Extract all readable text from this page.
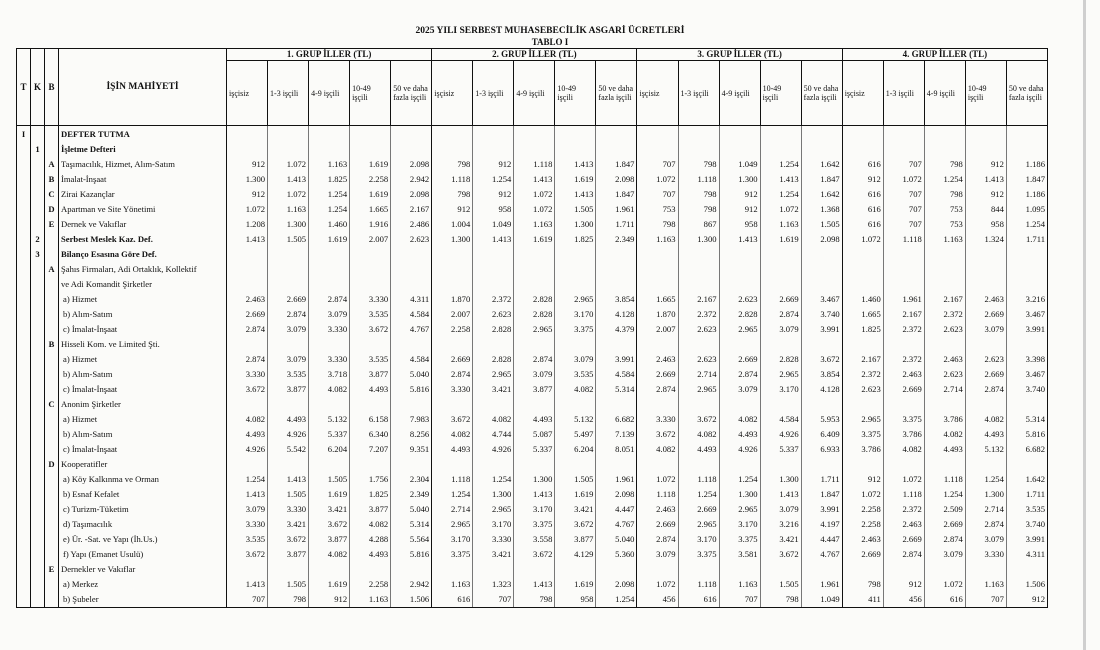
2025 YILI SERBEST MUHASEBECİLİK ASGARİ ÜCRETLERİ
TABLO I
T	K	B	İŞİN MAHİYETİ	1. GRUP İLLER (TL)					2. GRUP İLLER (TL)					3. GRUP İLLER (TL)					4. GRUP İLLER (TL)				
				işçisiz	1-3 işçili	4-9 işçili	10-49 işçili	50 ve daha fazla işçili	işçisiz	1-3 işçili	4-9 işçili	10-49 işçili	50 ve daha fazla işçili	işçisiz	1-3 işçili	4-9 işçili	10-49 işçili	50 ve daha fazla işçili	işçisiz	1-3 işçili	4-9 işçili	10-49 işçili	50 ve daha fazla işçili
I			DEFTER TUTMA																				
	1		İşletme Defteri																				
		A	Taşımacılık, Hizmet, Alım-Satım	912	1.072	1.163	1.619	2.098	798	912	1.118	1.413	1.847	707	798	1.049	1.254	1.642	616	707	798	912	1.186
		B	İmalat-İnşaat	1.300	1.413	1.825	2.258	2.942	1.118	1.254	1.413	1.619	2.098	1.072	1.118	1.300	1.413	1.847	912	1.072	1.254	1.413	1.847
		C	Zirai Kazançlar	912	1.072	1.254	1.619	2.098	798	912	1.072	1.413	1.847	707	798	912	1.254	1.642	616	707	798	912	1.186
		D	Apartman ve Site Yönetimi	1.072	1.163	1.254	1.665	2.167	912	958	1.072	1.505	1.961	753	798	912	1.072	1.368	616	707	753	844	1.095
		E	Dernek ve Vakıflar	1.208	1.300	1.460	1.916	2.486	1.004	1.049	1.163	1.300	1.711	798	867	958	1.163	1.505	616	707	753	958	1.254
	2		Serbest Meslek Kaz. Def.	1.413	1.505	1.619	2.007	2.623	1.300	1.413	1.619	1.825	2.349	1.163	1.300	1.413	1.619	2.098	1.072	1.118	1.163	1.324	1.711
	3		Bilanço Esasına Göre Def.																				
		A	Şahıs Firmaları, Adi Ortaklık, Kollektif																				
			ve Adi Komandit Şirketler																				
			a) Hizmet	2.463	2.669	2.874	3.330	4.311	1.870	2.372	2.828	2.965	3.854	1.665	2.167	2.623	2.669	3.467	1.460	1.961	2.167	2.463	3.216
			b) Alım-Satım	2.669	2.874	3.079	3.535	4.584	2.007	2.623	2.828	3.170	4.128	1.870	2.372	2.828	2.874	3.740	1.665	2.167	2.372	2.669	3.467
			c) İmalat-İnşaat	2.874	3.079	3.330	3.672	4.767	2.258	2.828	2.965	3.375	4.379	2.007	2.623	2.965	3.079	3.991	1.825	2.372	2.623	3.079	3.991
		B	Hisseli Kom. ve Limited Şti.																				
			a) Hizmet	2.874	3.079	3.330	3.535	4.584	2.669	2.828	2.874	3.079	3.991	2.463	2.623	2.669	2.828	3.672	2.167	2.372	2.463	2.623	3.398
			b) Alım-Satım	3.330	3.535	3.718	3.877	5.040	2.874	2.965	3.079	3.535	4.584	2.669	2.714	2.874	2.965	3.854	2.372	2.463	2.623	2.669	3.467
			c) İmalat-İnşaat	3.672	3.877	4.082	4.493	5.816	3.330	3.421	3.877	4.082	5.314	2.874	2.965	3.079	3.170	4.128	2.623	2.669	2.714	2.874	3.740
		C	Anonim Şirketler																				
			a) Hizmet	4.082	4.493	5.132	6.158	7.983	3.672	4.082	4.493	5.132	6.682	3.330	3.672	4.082	4.584	5.953	2.965	3.375	3.786	4.082	5.314
			b) Alım-Satım	4.493	4.926	5.337	6.340	8.256	4.082	4.744	5.087	5.497	7.139	3.672	4.082	4.493	4.926	6.409	3.375	3.786	4.082	4.493	5.816
			c) İmalat-İnşaat	4.926	5.542	6.204	7.207	9.351	4.493	4.926	5.337	6.204	8.051	4.082	4.493	4.926	5.337	6.933	3.786	4.082	4.493	5.132	6.682
		D	Kooperatifler																				
			a) Köy Kalkınma ve Orman	1.254	1.413	1.505	1.756	2.304	1.118	1.254	1.300	1.505	1.961	1.072	1.118	1.254	1.300	1.711	912	1.072	1.118	1.254	1.642
			b) Esnaf Kefalet	1.413	1.505	1.619	1.825	2.349	1.254	1.300	1.413	1.619	2.098	1.118	1.254	1.300	1.413	1.847	1.072	1.118	1.254	1.300	1.711
			c) Turizm-Tüketim	3.079	3.330	3.421	3.877	5.040	2.714	2.965	3.170	3.421	4.447	2.463	2.669	2.965	3.079	3.991	2.258	2.372	2.509	2.714	3.535
			d) Taşımacılık	3.330	3.421	3.672	4.082	5.314	2.965	3.170	3.375	3.672	4.767	2.669	2.965	3.170	3.216	4.197	2.258	2.463	2.669	2.874	3.740
			e) Ür. -Sat. ve Yapı (İh.Us.)	3.535	3.672	3.877	4.288	5.564	3.170	3.330	3.558	3.877	5.040	2.874	3.170	3.375	3.421	4.447	2.463	2.669	2.874	3.079	3.991
			f) Yapı (Emanet Usulü)	3.672	3.877	4.082	4.493	5.816	3.375	3.421	3.672	4.129	5.360	3.079	3.375	3.581	3.672	4.767	2.669	2.874	3.079	3.330	4.311
		E	Dernekler ve Vakıflar																				
			a) Merkez	1.413	1.505	1.619	2.258	2.942	1.163	1.323	1.413	1.619	2.098	1.072	1.118	1.163	1.505	1.961	798	912	1.072	1.163	1.506
			b) Şubeler	707	798	912	1.163	1.506	616	707	798	958	1.254	456	616	707	798	1.049	411	456	616	707	912
